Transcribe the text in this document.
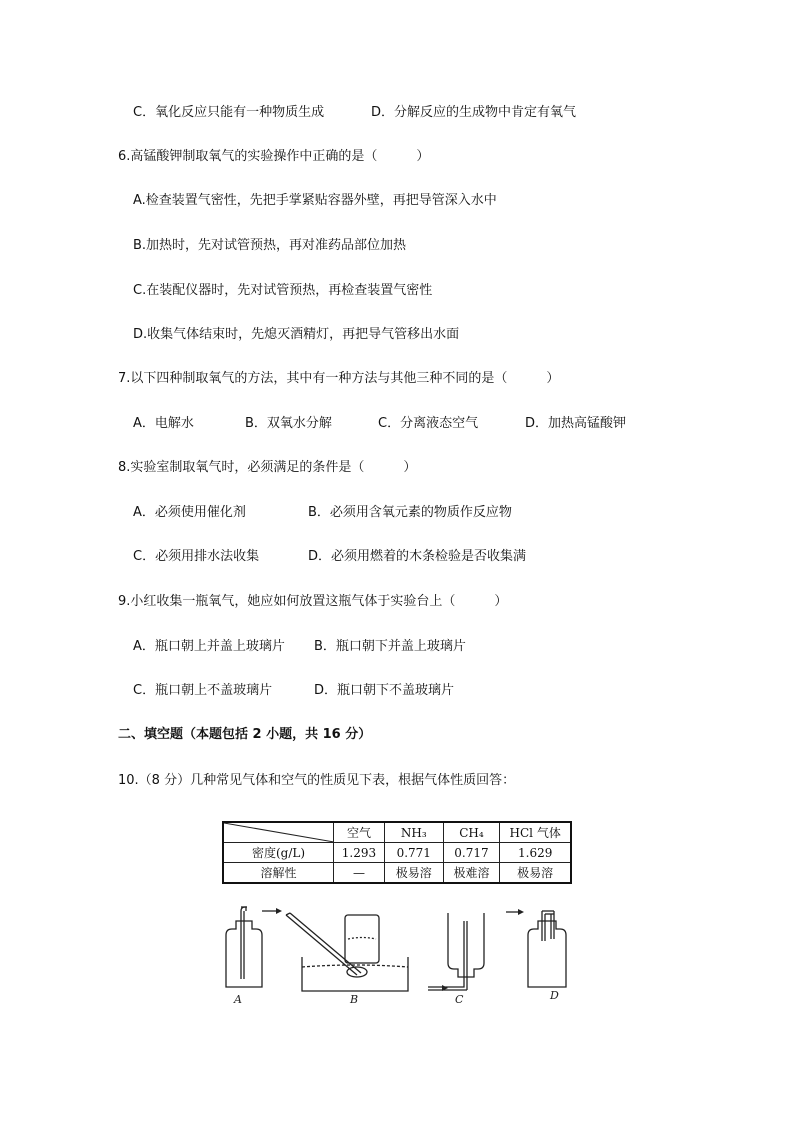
C．氧化反应只能有一种物质生成	D．分解反应的生成物中肯定有氧气
6.高锰酸钾制取氧气的实验操作中正确的是（　　　）
A.检查装置气密性，先把手掌紧贴容器外壁，再把导管深入水中
B.加热时，先对试管预热，再对准药品部位加热
C.在装配仪器时，先对试管预热，再检查装置气密性
D.收集气体结束时，先熄灭酒精灯，再把导气管移出水面
7.以下四种制取氧气的方法，其中有一种方法与其他三种不同的是（　　　）
A．电解水	B．双氧水分解	C．分离液态空气	D．加热高锰酸钾
8.实验室制取氧气时，必须满足的条件是（　　　）
A．必须使用催化剂	B．必须用含氧元素的物质作反应物
C．必须用排水法收集	D．必须用燃着的木条检验是否收集满
9.小红收集一瓶氧气，她应如何放置这瓶气体于实验台上（　　　）
A．瓶口朝上并盖上玻璃片 B．瓶口朝下并盖上玻璃片
C．瓶口朝上不盖玻璃片	D．瓶口朝下不盖玻璃片
二、填空题（本题包括 2 小题，共 16 分）
10.（8 分）几种常见气体和空气的性质见下表，根据气体性质回答：
	空气	NH₃	CH₄	HCl 气体
密度(g/L)	1.293	0.771	0.717	1.629
溶解性	—	极易溶	极难溶	极易溶
A	B	C	D
